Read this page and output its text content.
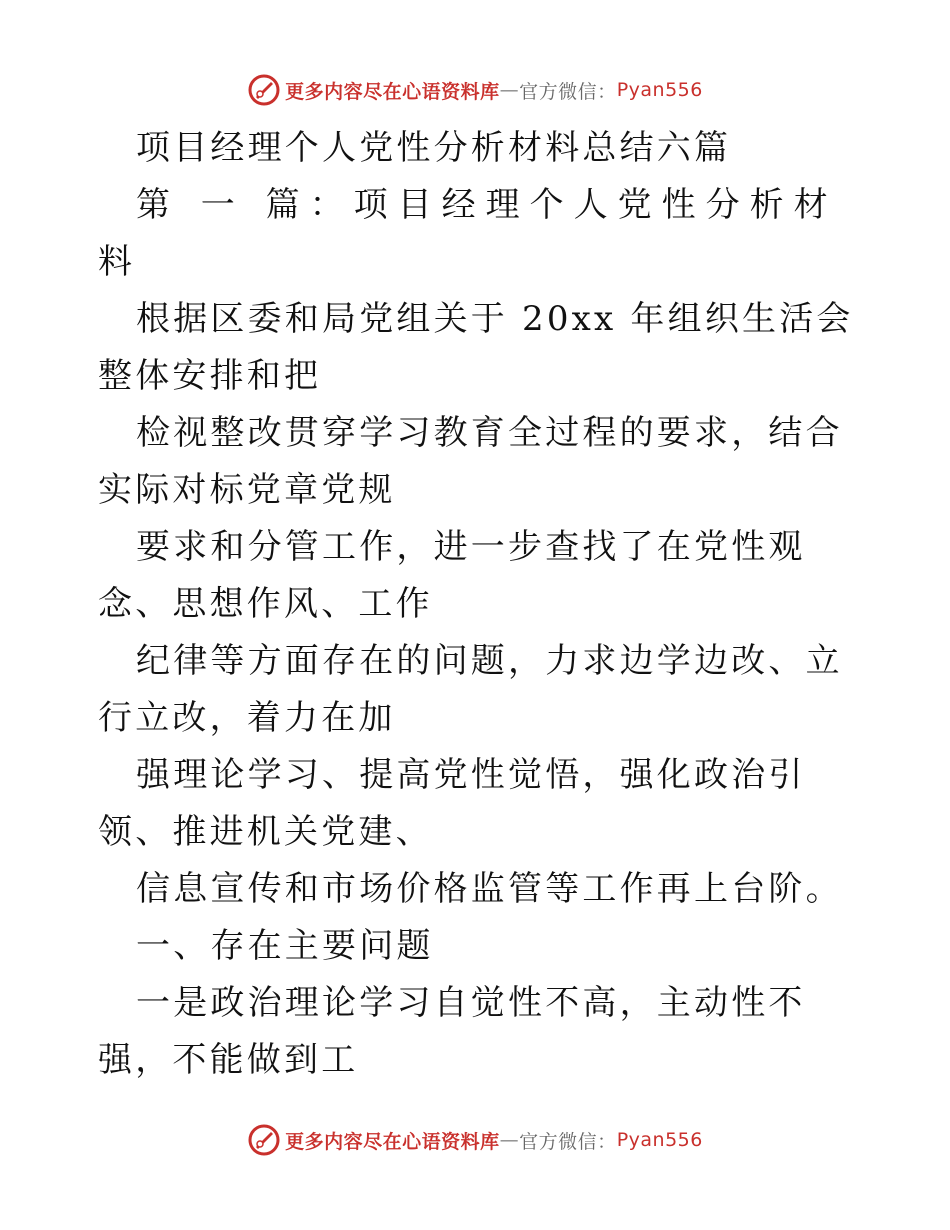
更多内容尽在心语资料库 — 官方微信： Pyan556

项目经理个人党性分析材料总结六篇

第 一 篇：项目经理个人党性分析材料

根据区委和局党组关于 20xx 年组织生活会整体安排和把

检视整改贯穿学习教育全过程的要求，结合实际对标党章党规

要求和分管工作，进一步查找了在党性观念、思想作风、工作

纪律等方面存在的问题，力求边学边改、立行立改，着力在加

强理论学习、提高党性觉悟，强化政治引领、推进机关党建、

信息宣传和市场价格监管等工作再上台阶。

一、存在主要问题

一是政治理论学习自觉性不高，主动性不强，不能做到工

更多内容尽在心语资料库 — 官方微信： Pyan556
